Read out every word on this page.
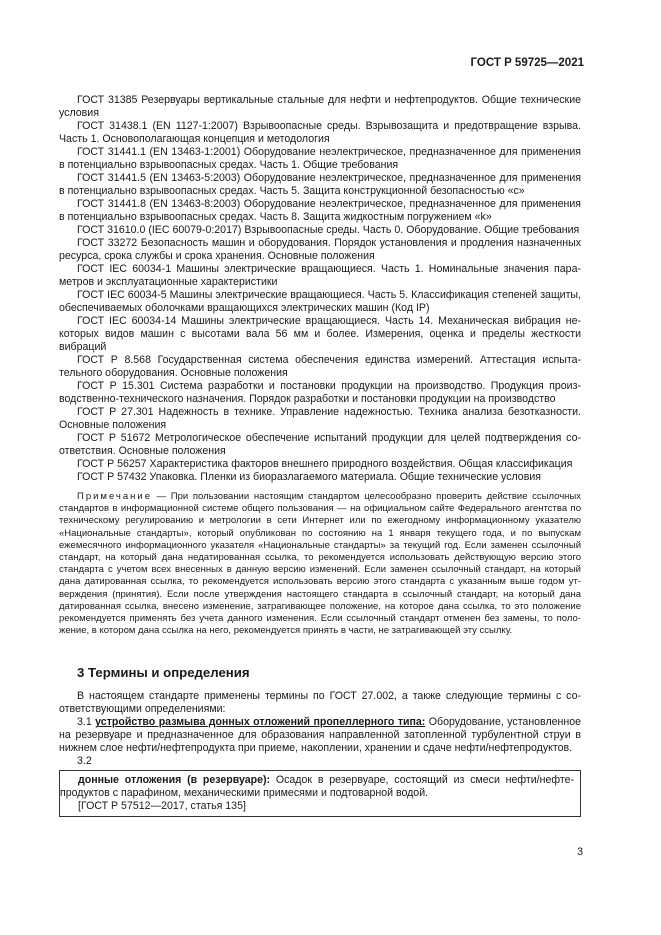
ГОСТ Р 59725—2021

ГОСТ 31385 Резервуары вертикальные стальные для нефти и нефтепродуктов. Общие технические условия

ГОСТ 31438.1 (EN 1127-1:2007) Взрывоопасные среды. Взрывозащита и предотвращение взрыва. Часть 1. Основополагающая концепция и методология

ГОСТ 31441.1 (EN 13463-1:2001) Оборудование неэлектрическое, предназначенное для применения в потенциально взрывоопасных средах. Часть 1. Общие требования

ГОСТ 31441.5 (EN 13463-5:2003) Оборудование неэлектрическое, предназначенное для применения в потенциально взрывоопасных средах. Часть 5. Защита конструкционной безопасностью «с»

ГОСТ 31441.8 (EN 13463-8:2003) Оборудование неэлектрическое, предназначенное для применения в потенциально взрывоопасных средах. Часть 8. Защита жидкостным погружением «k»

ГОСТ 31610.0 (IEC 60079-0:2017) Взрывоопасные среды. Часть 0. Оборудование. Общие требования

ГОСТ 33272 Безопасность машин и оборудования. Порядок установления и продления назначенных ресурса, срока службы и срока хранения. Основные положения

ГОСТ IEC 60034-1 Машины электрические вращающиеся. Часть 1. Номинальные значения параметров и эксплуатационные характеристики

ГОСТ IEC 60034-5 Машины электрические вращающиеся. Часть 5. Классификация степеней защиты, обеспечиваемых оболочками вращающихся электрических машин (Код IP)

ГОСТ IEC 60034-14 Машины электрические вращающиеся. Часть 14. Механическая вибрация некоторых видов машин с высотами вала 56 мм и более. Измерения, оценка и пределы жесткости вибраций

ГОСТ Р 8.568 Государственная система обеспечения единства измерений. Аттестация испытательного оборудования. Основные положения

ГОСТ Р 15.301 Система разработки и постановки продукции на производство. Продукция производственно-технического назначения. Порядок разработки и постановки продукции на производство

ГОСТ Р 27.301 Надежность в технике. Управление надежностью. Техника анализа безотказности. Основные положения

ГОСТ Р 51672 Метрологическое обеспечение испытаний продукции для целей подтверждения соответствия. Основные положения

ГОСТ Р 56257 Характеристика факторов внешнего природного воздействия. Общая классификация

ГОСТ Р 57432 Упаковка. Пленки из биоразлагаемого материала. Общие технические условия

Примечание — При пользовании настоящим стандартом целесообразно проверить действие ссылочных стандартов в информационной системе общего пользования — на официальном сайте Федерального агентства по техническому регулированию и метрологии в сети Интернет или по ежегодному информационному указателю «Национальные стандарты», который опубликован по состоянию на 1 января текущего года, и по выпускам ежемесячного информационного указателя «Национальные стандарты» за текущий год. Если заменен ссылочный стандарт, на который дана недатированная ссылка, то рекомендуется использовать действующую версию этого стандарта с учетом всех внесенных в данную версию изменений. Если заменен ссылочный стандарт, на который дана датированная ссылка, то рекомендуется использовать версию этого стандарта с указанным выше годом утверждения (принятия). Если после утверждения настоящего стандарта в ссылочный стандарт, на который дана датированная ссылка, внесено изменение, затрагивающее положение, на которое дана ссылка, то это положение рекомендуется применять без учета данного изменения. Если ссылочный стандарт отменен без замены, то положение, в котором дана ссылка на него, рекомендуется принять в части, не затрагивающей эту ссылку.

3 Термины и определения

В настоящем стандарте применены термины по ГОСТ 27.002, а также следующие термины с соответствующими определениями:

3.1 устройство размыва донных отложений пропеллерного типа: Оборудование, установленное на резервуаре и предназначенное для образования направленной затопленной турбулентной струи в нижнем слое нефти/нефтепродукта при приеме, накоплении, хранении и сдаче нефти/нефтепродуктов.

3.2

донные отложения (в резервуаре): Осадок в резервуаре, состоящий из смеси нефти/нефтепродуктов с парафином, механическими примесями и подтоварной водой.

[ГОСТ Р 57512—2017, статья 135]
3
